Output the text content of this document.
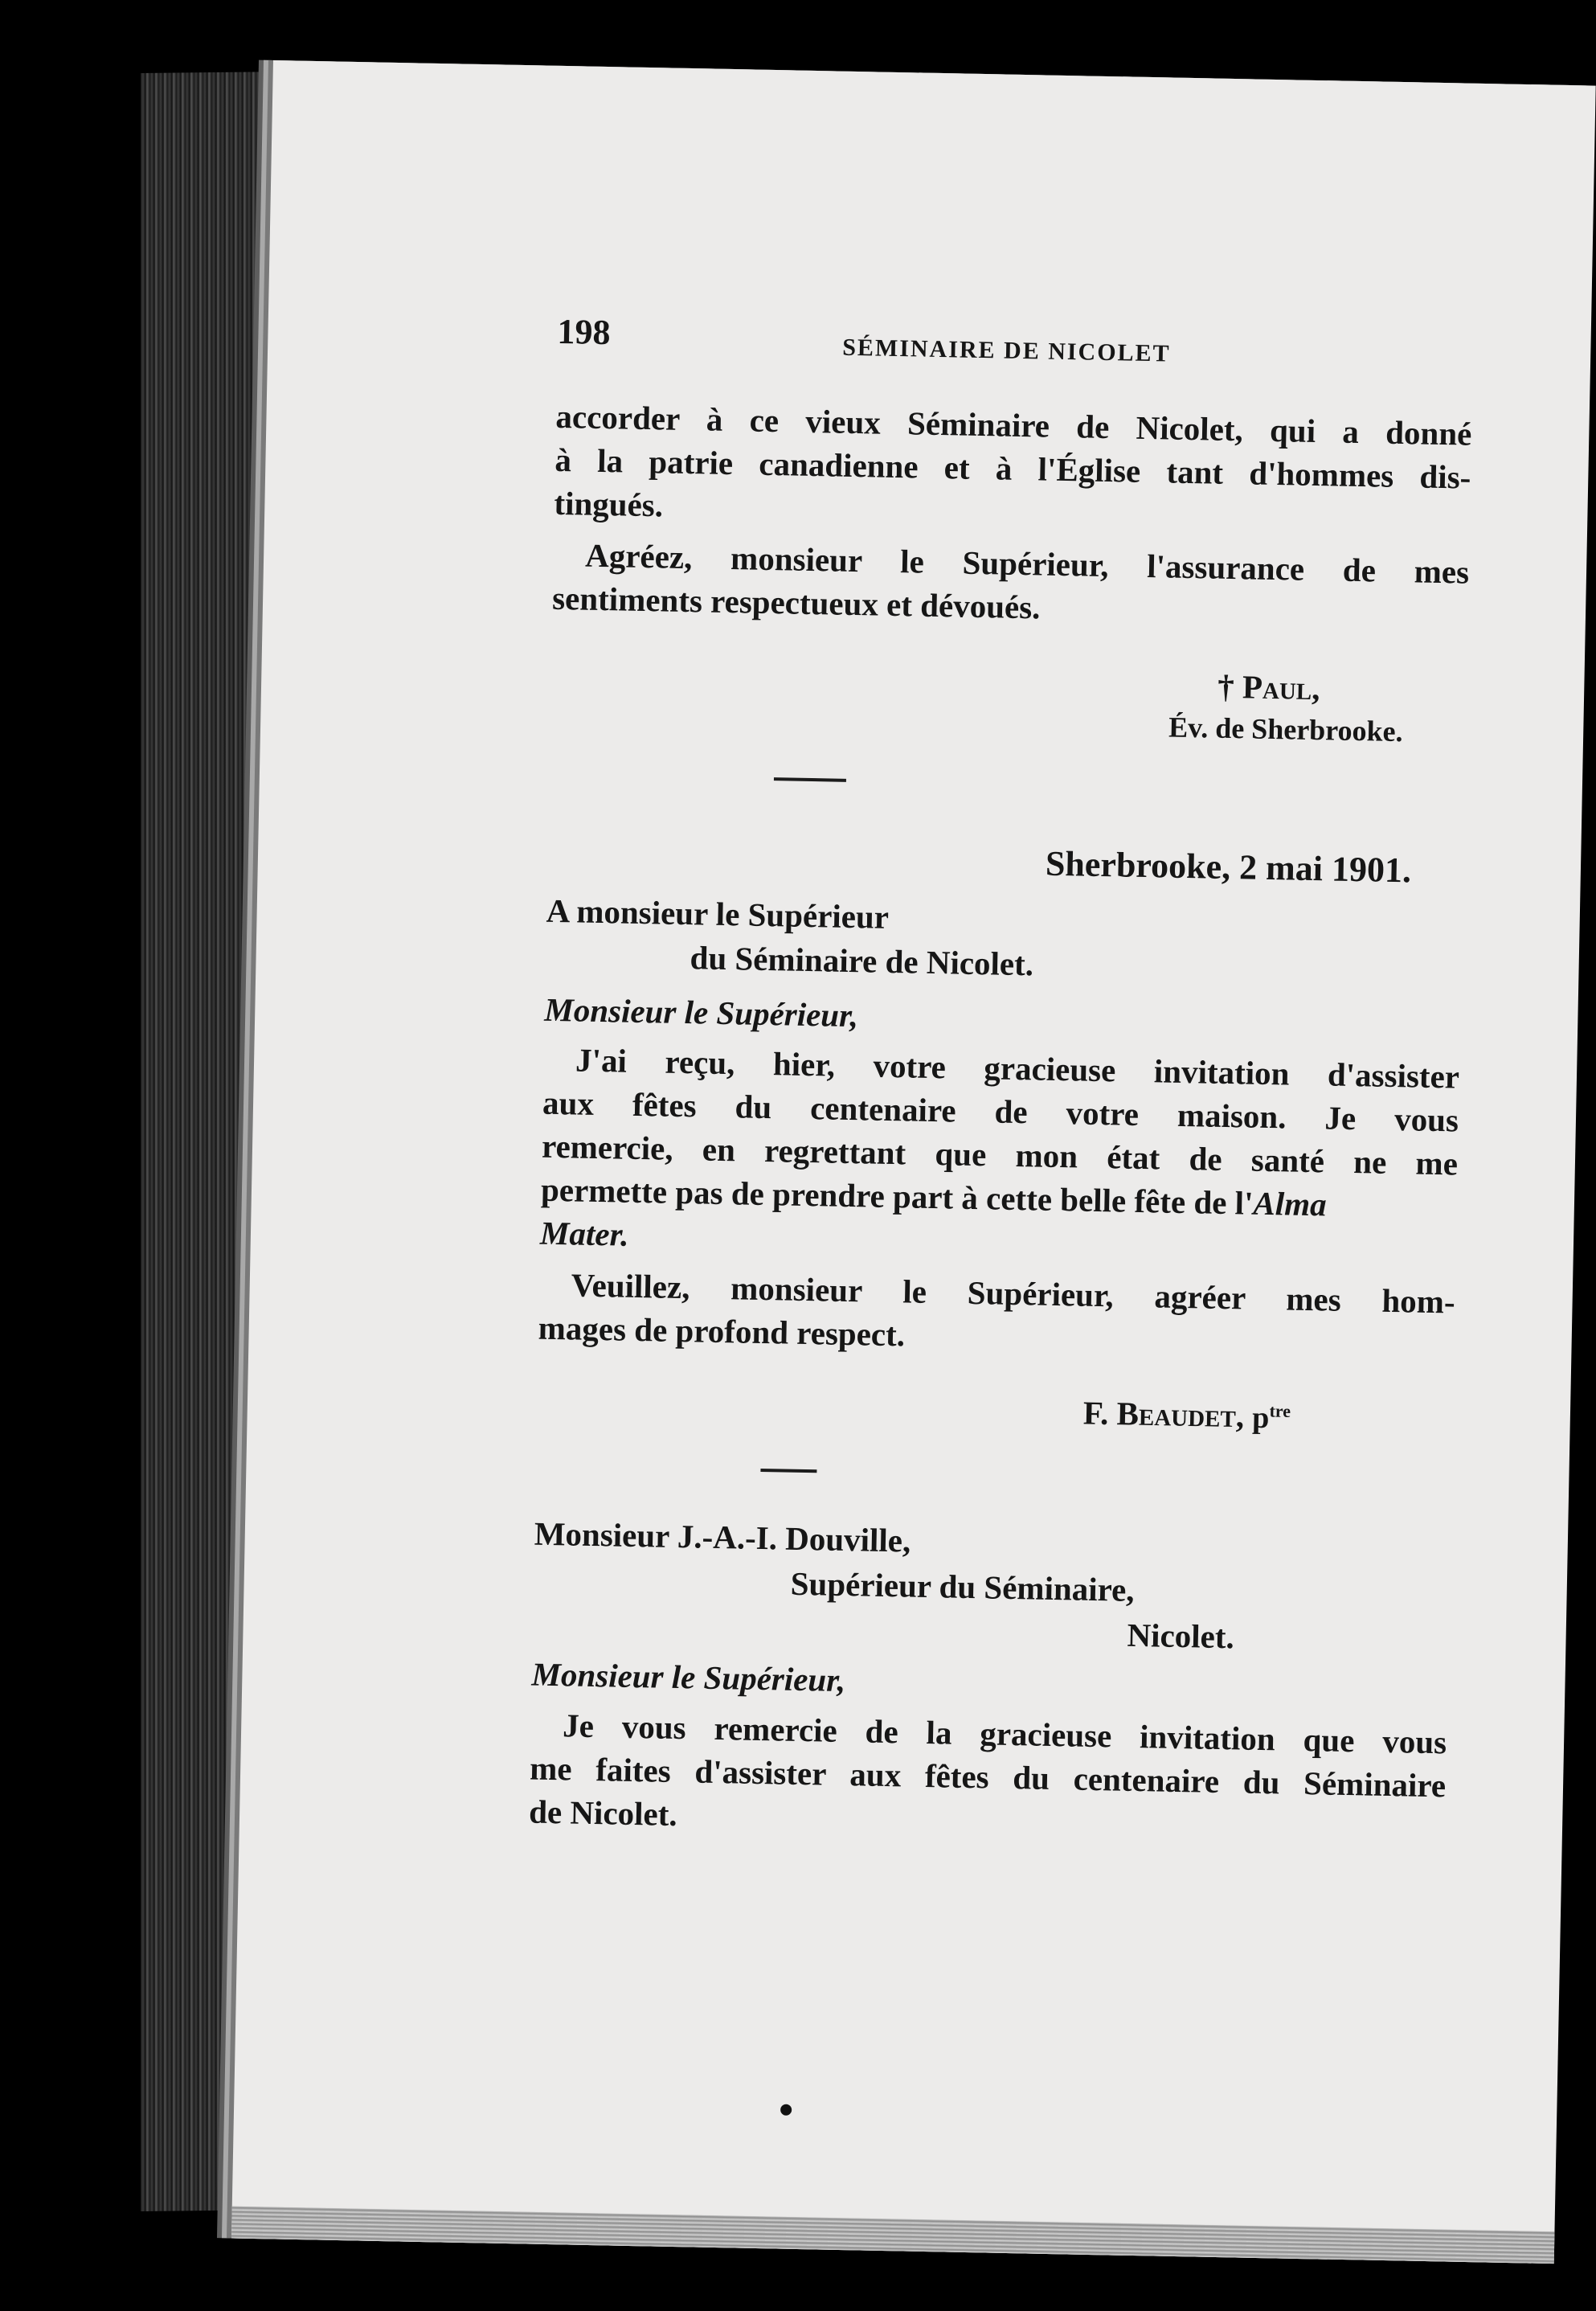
198	SÉMINAIRE DE NICOLET
accorder à ce vieux Séminaire de Nicolet, qui a donné
à la patrie canadienne et à l'Église tant d'hommes dis-
tingués.
Agréez, monsieur le Supérieur, l'assurance de mes
sentiments respectueux et dévoués.
† Paul,
Év. de Sherbrooke.
Sherbrooke, 2 mai 1901.
A monsieur le Supérieur
du Séminaire de Nicolet.
Monsieur le Supérieur,
J'ai reçu, hier, votre gracieuse invitation d'assister
aux fêtes du centenaire de votre maison. Je vous
remercie, en regrettant que mon état de santé ne me
permette pas de prendre part à cette belle fête de l'Alma
Mater.
Veuillez, monsieur le Supérieur, agréer mes hom-
mages de profond respect.
F. Beaudet, $p^{tre}$
Monsieur J.-A.-I. Douville,
Supérieur du Séminaire,
Nicolet.
Monsieur le Supérieur,
Je vous remercie de la gracieuse invitation que vous
me faites d'assister aux fêtes du centenaire du Séminaire
de Nicolet.
